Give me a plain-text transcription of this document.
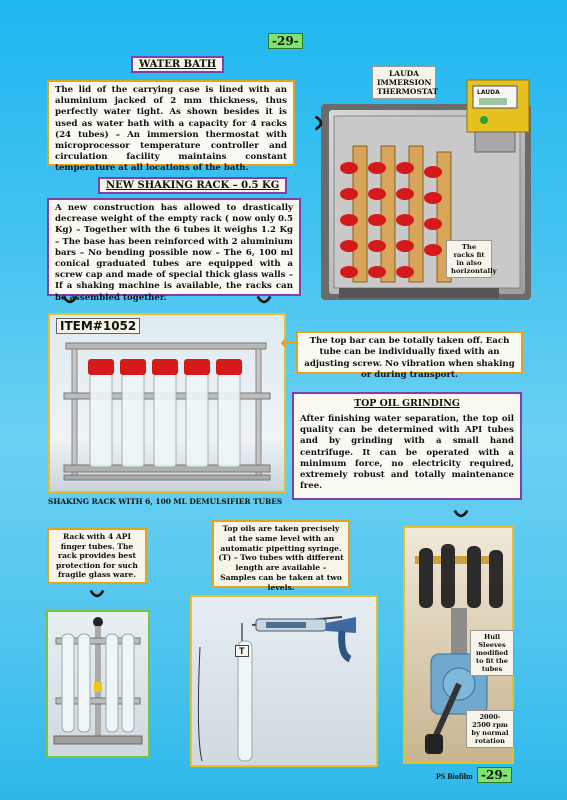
-29-
WATER BATH
The lid of the carrying case is lined with an aluminium jacked of 2 mm thickness, thus perfectly water tight. As shown besides it is used as water bath with a capacity for 4 racks (24 tubes) – An immersion thermostat with microprocessor temperature controller and circulation facility maintains constant temperature at all locations of the bath.
LAUDA IMMERSION THERMOSTAT	LAUDA
The racks fit in also horizontally
NEW SHAKING RACK – 0.5 KG
A new construction has allowed to drastically decrease weight of the empty rack ( now only 0.5 Kg) – Together with the 6 tubes it weighs 1.2 Kg – The base has been reinforced with 2 aluminium bars – No bending possible now – The 6, 100 ml conical graduated tubes are equipped with a screw cap and made of special thick glass walls – If a shaking machine is available, the racks can be assembled together.
ITEM#1052
SHAKING RACK WITH 6, 100 ML DEMULSIFIER TUBES
The top bar can be totally taken off. Each tube can be individually fixed with an adjusting screw. No vibration when shaking or during transport.
After finishing water separation, the top oil quality can be determined with API tubes and by grinding with a small hand centrifuge. It can be operated with a minimum force, no electricity required, extremely robust and totally maintenance free.
TOP OIL GRINDING
Rack with 4 API finger tubes. The rack provides best protection for such fragile glass ware.
Top oils are taken precisely at the same level with an automatic pipetting syringe. (T) – Two tubes with different length are available – Samples can be taken at two levels.
T
Hull Sleeves modified to fit the tubes
2000-2500 rpm by normal rotation
PS Biofilm -29-
